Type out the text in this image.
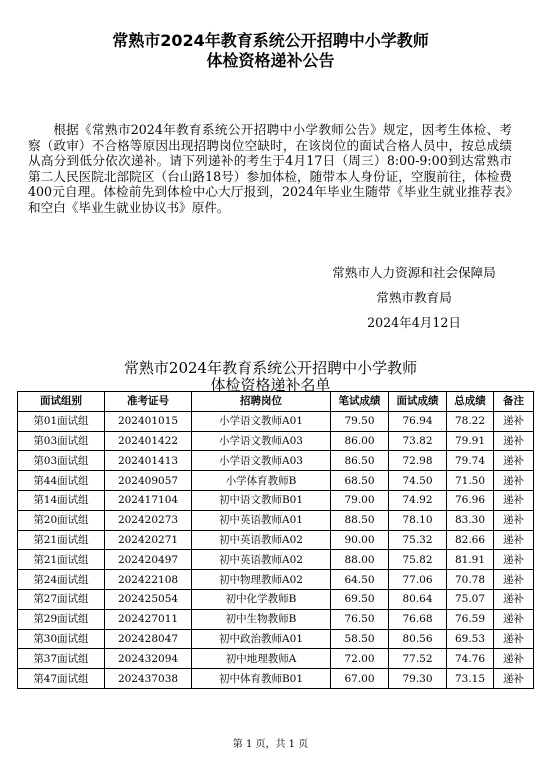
常熟市2024年教育系统公开招聘中小学教师
体检资格递补公告

根据《常熟市2024年教育系统公开招聘中小学教师公告》规定，因考生体检、考察（政审）不合格等原因出现招聘岗位空缺时，在该岗位的面试合格人员中，按总成绩从高分到低分依次递补。请下列递补的考生于4月17日（周三）8:00-9:00到达常熟市第二人民医院北部院区（台山路18号）参加体检，随带本人身份证，空腹前往，体检费400元自理。体检前先到体检中心大厅报到，2024年毕业生随带《毕业生就业推荐表》和空白《毕业生就业协议书》原件。

常熟市人力资源和社会保障局
常熟市教育局
2024年4月12日
常熟市2024年教育系统公开招聘中小学教师
体检资格递补名单
面试组别	准考证号	招聘岗位	笔试成绩	面试成绩	总成绩	备注
第01面试组	202401015	小学语文教师A01	79.50	76.94	78.22	递补
第03面试组	202401422	小学语文教师A03	86.00	73.82	79.91	递补
第03面试组	202401413	小学语文教师A03	86.50	72.98	79.74	递补
第44面试组	202409057	小学体育教师B	68.50	74.50	71.50	递补
第14面试组	202417104	初中语文教师B01	79.00	74.92	76.96	递补
第20面试组	202420273	初中英语教师A01	88.50	78.10	83.30	递补
第21面试组	202420271	初中英语教师A02	90.00	75.32	82.66	递补
第21面试组	202420497	初中英语教师A02	88.00	75.82	81.91	递补
第24面试组	202422108	初中物理教师A02	64.50	77.06	70.78	递补
第27面试组	202425054	初中化学教师B	69.50	80.64	75.07	递补
第29面试组	202427011	初中生物教师B	76.50	76.68	76.59	递补
第30面试组	202428047	初中政治教师A01	58.50	80.56	69.53	递补
第37面试组	202432094	初中地理教师A	72.00	77.52	74.76	递补
第47面试组	202437038	初中体育教师B01	67.00	79.30	73.15	递补
第 1 页，共 1 页
